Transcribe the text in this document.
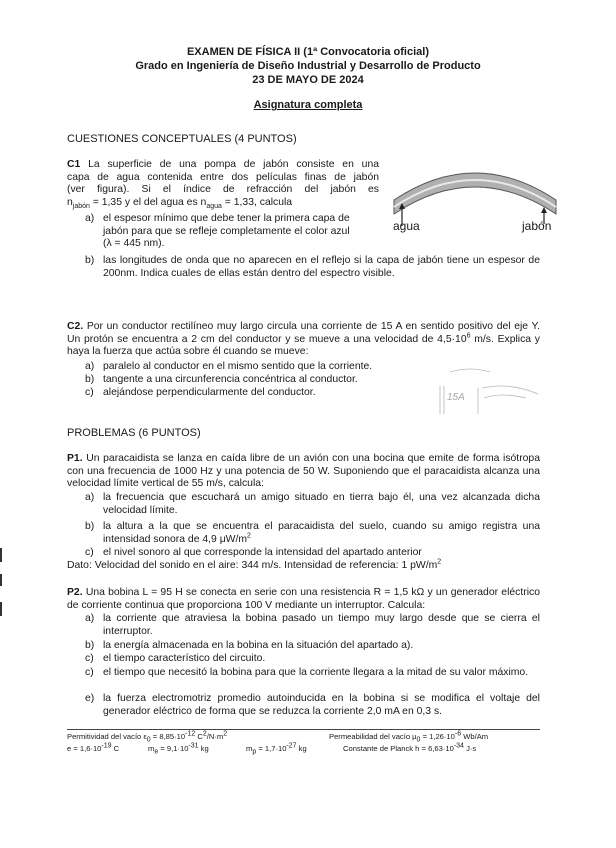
EXAMEN DE FÍSICA II (1ª Convocatoria oficial)
Grado en Ingeniería de Diseño Industrial y Desarrollo de Producto
23 DE MAYO DE 2024
Asignatura completa
CUESTIONES CONCEPTUALES (4 PUNTOS)
C1 La superficie de una pompa de jabón consiste en una
capa de agua contenida entre dos películas finas de jabón
(ver figura). Si el índice de refracción del jabón es
$n_{jabón} = 1,35$ y el del agua es $n_{agua} = 1,33$, calcula
a) el espesor mínimo que debe tener la primera capa de
jabón para que se refleje completamente el color azul
(λ = 445 nm).
b) las longitudes de onda que no aparecen en el reflejo si la capa de jabón tiene un espesor de 200nm. Indica cuales de ellas están dentro del espectro visible.
agua	jabón
C2. Por un conductor rectilíneo muy largo circula una corriente de 15 A en sentido positivo del eje Y. Un protón se encuentra a 2 cm del conductor y se mueve a una velocidad de $4,5\cdot 10^6$ m/s. Explica y haya la fuerza que actúa sobre él cuando se mueve:
a) paralelo al conductor en el mismo sentido que la corriente.
b) tangente a una circunferencia concéntrica al conductor.
c) alejándose perpendicularmente del conductor.	15A
PROBLEMAS (6 PUNTOS)
P1. Un paracaidista se lanza en caída libre de un avión con una bocina que emite de forma isótropa con una frecuencia de 1000 Hz y una potencia de 50 W. Suponiendo que el paracaidista alcanza una velocidad límite vertical de 55 m/s, calcula:
a) la frecuencia que escuchará un amigo situado en tierra bajo él, una vez alcanzada dicha velocidad límite.
b) la altura a la que se encuentra el paracaidista del suelo, cuando su amigo registra una intensidad sonora de 4,9 $\mu W/m^2$
c) el nivel sonoro al que corresponde la intensidad del apartado anterior
Dato: Velocidad del sonido en el aire: 344 m/s. Intensidad de referencia: 1 $pW/m^2$
P2. Una bobina L = 95 H se conecta en serie con una resistencia R = 1,5 kΩ y un generador eléctrico de corriente continua que proporciona 100 V mediante un interruptor. Calcula:
a) la corriente que atraviesa la bobina pasado un tiempo muy largo desde que se cierra el interruptor.
b) la energía almacenada en la bobina en la situación del apartado a).
c) el tiempo característico del circuito.
c) el tiempo que necesitó la bobina para que la corriente llegara a la mitad de su valor máximo.
e) la fuerza electromotriz promedio autoinducida en la bobina si se modifica el voltaje del generador eléctrico de forma que se reduzca la corriente 2,0 mA en 0,3 s.
Permitividad del vacío $\varepsilon_0 = 8,85\cdot 10^{-12}$ $C^2/N\cdot m^2$	Permeabilidad del vacío $\mu_0 = 1,26\cdot 10^{-6}$ Wb/Am
$e = 1,6\cdot 10^{-19}$ C	$m_e = 9,1\cdot 10^{-31}$ kg	$m_p = 1,7\cdot 10^{-27}$ kg	Constante de Planck $h = 6,63\cdot 10^{-34}$ J·s
